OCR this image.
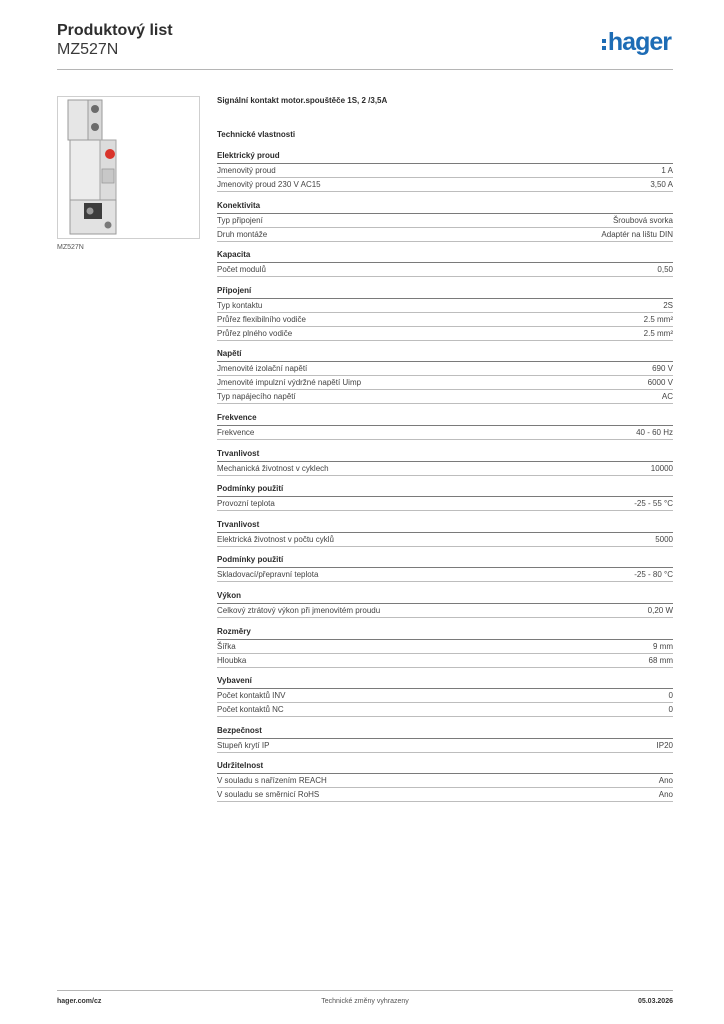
Produktový list
MZ527N	hager
MZ527N
Signální kontakt motor.spouštěče 1S, 2 /3,5A
Technické vlastnosti
Elektrický proud
Jmenovitý proud	1 A
Jmenovitý proud 230 V AC15	3,50 A
Konektivita
Typ připojení	Šroubová svorka
Druh montáže	Adaptér na lištu DIN
Kapacita
Počet modulů	0,50
Připojení
Typ kontaktu	2S
Průřez flexibilního vodiče	2.5 mm²
Průřez plného vodiče	2.5 mm²
Napětí
Jmenovité izolační napětí	690 V
Jmenovité impulzní výdržné napětí Uimp	6000 V
Typ napájecího napětí	AC
Frekvence
Frekvence	40 - 60 Hz
Trvanlivost
Mechanická životnost v cyklech	10000
Podmínky použití
Provozní teplota	-25 - 55 °C
Trvanlivost
Elektrická životnost v počtu cyklů	5000
Podmínky použití
Skladovací/přepravní teplota	-25 - 80 °C
Výkon
Celkový ztrátový výkon při jmenovitém proudu	0,20 W
Rozměry
Šířka	9 mm
Hloubka	68 mm
Vybavení
Počet kontaktů INV	0
Počet kontaktů NC	0
Bezpečnost
Stupeň krytí IP	IP20
Udržitelnost
V souladu s nařízením REACH	Ano
V souladu se směrnicí RoHS	Ano
hager.com/cz	Technické změny vyhrazeny	05.03.2026
